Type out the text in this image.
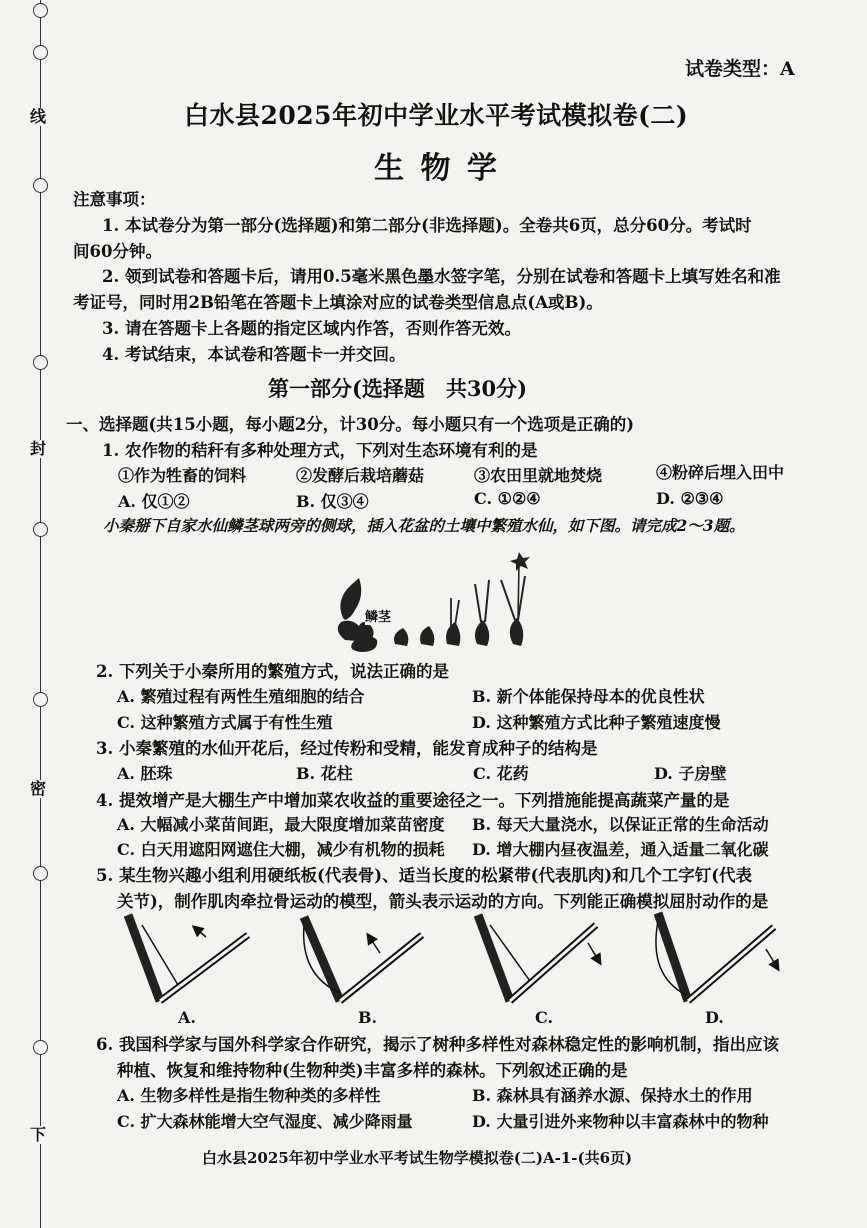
线
封
密
下
试卷类型：A
白水县2025年初中学业水平考试模拟卷(二)
生 物 学
注意事项：
1. 本试卷分为第一部分(选择题)和第二部分(非选择题)。全卷共6页，总分60分。考试时
间60分钟。
2. 领到试卷和答题卡后，请用0.5毫米黑色墨水签字笔，分别在试卷和答题卡上填写姓名和准
考证号，同时用2B铅笔在答题卡上填涂对应的试卷类型信息点(A或B)。
3. 请在答题卡上各题的指定区域内作答，否则作答无效。
4. 考试结束，本试卷和答题卡一并交回。
第一部分(选择题　共30分)
一、选择题(共15小题，每小题2分，计30分。每小题只有一个选项是正确的)
1. 农作物的秸秆有多种处理方式，下列对生态环境有利的是
①作为牲畜的饲料	②发酵后栽培蘑菇	③农田里就地焚烧	④粉碎后埋入田中
A. 仅①②	B. 仅③④	C. ①②④	D. ②③④
小秦掰下自家水仙鳞茎球两旁的侧球，插入花盆的土壤中繁殖水仙，如下图。请完成2～3题。
鳞茎
2. 下列关于小秦所用的繁殖方式，说法正确的是
A. 繁殖过程有两性生殖细胞的结合	B. 新个体能保持母本的优良性状
C. 这种繁殖方式属于有性生殖	D. 这种繁殖方式比种子繁殖速度慢
3. 小秦繁殖的水仙开花后，经过传粉和受精，能发育成种子的结构是
A. 胚珠	B. 花柱	C. 花药	D. 子房壁
4. 提效增产是大棚生产中增加菜农收益的重要途径之一。下列措施能提高蔬菜产量的是
A. 大幅减小菜苗间距，最大限度增加菜苗密度 B. 每天大量浇水，以保证正常的生命活动
C. 白天用遮阳网遮住大棚，减少有机物的损耗 D. 增大棚内昼夜温差，通入适量二氧化碳
5. 某生物兴趣小组利用硬纸板(代表骨)、适当长度的松紧带(代表肌肉)和几个工字钉(代表
关节)，制作肌肉牵拉骨运动的模型，箭头表示运动的方向。下列能正确模拟屈肘动作的是
A.	B.	C.	D.
6. 我国科学家与国外科学家合作研究，揭示了树种多样性对森林稳定性的影响机制，指出应该
种植、恢复和维持物种(生物种类)丰富多样的森林。下列叙述正确的是
A. 生物多样性是指生物种类的多样性	B. 森林具有涵养水源、保持水土的作用
C. 扩大森林能增大空气湿度、减少降雨量	D. 大量引进外来物种以丰富森林中的物种
白水县2025年初中学业水平考试生物学模拟卷(二)A-1-(共6页)
